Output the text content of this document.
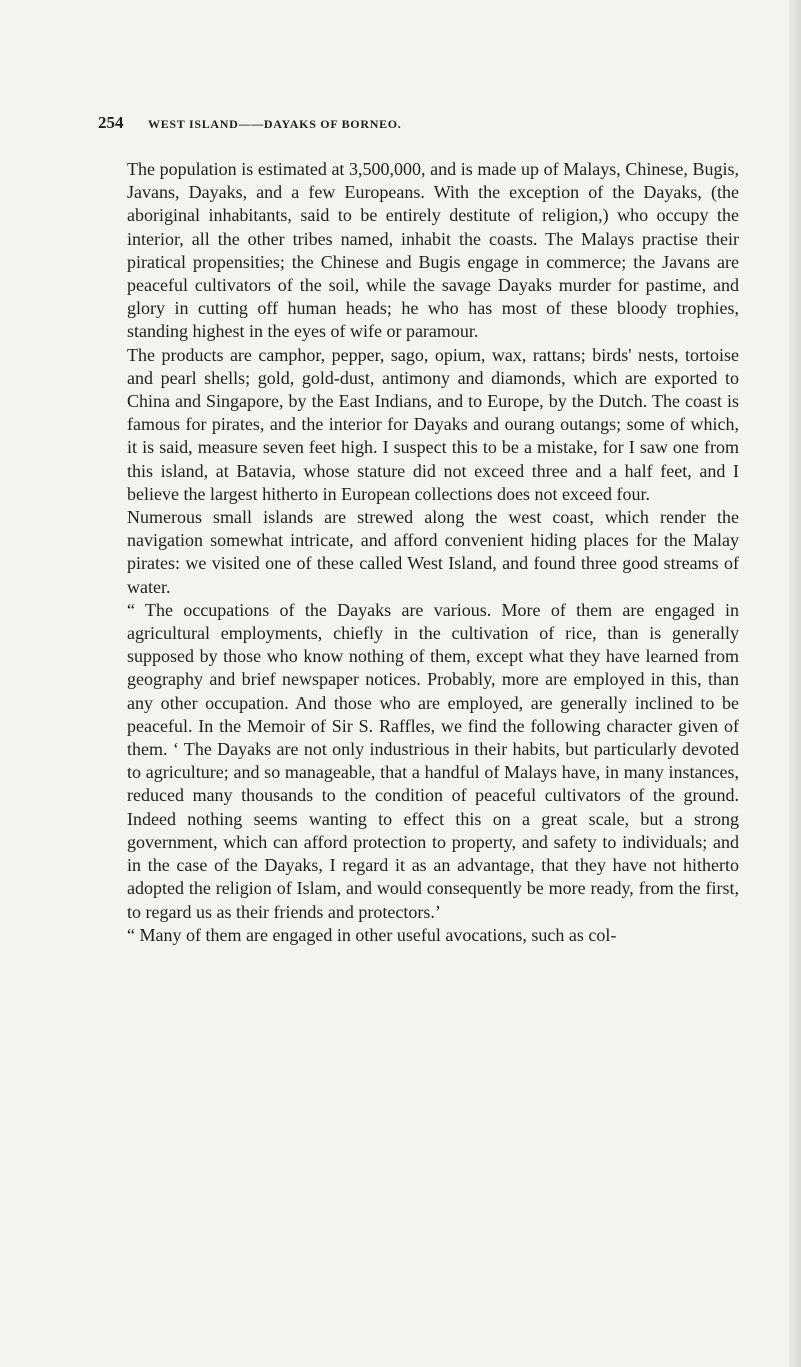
254 WEST ISLAND——DAYAKS OF BORNEO.

The population is estimated at 3,500,000, and is made up of Malays, Chinese, Bugis, Javans, Dayaks, and a few Europeans. With the exception of the Dayaks, (the aboriginal inhabitants, said to be entirely destitute of religion,) who occupy the interior, all the other tribes named, inhabit the coasts. The Malays practise their piratical propensities; the Chinese and Bugis engage in commerce; the Javans are peaceful cultivators of the soil, while the savage Dayaks murder for pastime, and glory in cutting off human heads; he who has most of these bloody trophies, standing highest in the eyes of wife or paramour.

The products are camphor, pepper, sago, opium, wax, rattans; birds' nests, tortoise and pearl shells; gold, gold-dust, antimony and diamonds, which are exported to China and Singapore, by the East Indians, and to Europe, by the Dutch. The coast is famous for pirates, and the interior for Dayaks and ourang outangs; some of which, it is said, measure seven feet high. I suspect this to be a mistake, for I saw one from this island, at Batavia, whose stature did not exceed three and a half feet, and I believe the largest hitherto in European collections does not exceed four.

Numerous small islands are strewed along the west coast, which render the navigation somewhat intricate, and afford convenient hiding places for the Malay pirates: we visited one of these called West Island, and found three good streams of water.

“ The occupations of the Dayaks are various. More of them are engaged in agricultural employments, chiefly in the cultivation of rice, than is generally supposed by those who know nothing of them, except what they have learned from geography and brief newspaper notices. Probably, more are employed in this, than any other occupation. And those who are employed, are generally inclined to be peaceful. In the Memoir of Sir S. Raffles, we find the following character given of them. ‘ The Dayaks are not only industrious in their habits, but particularly devoted to agriculture; and so manageable, that a handful of Malays have, in many instances, reduced many thousands to the condition of peaceful cultivators of the ground. Indeed nothing seems wanting to effect this on a great scale, but a strong government, which can afford protection to property, and safety to individuals; and in the case of the Dayaks, I regard it as an advantage, that they have not hitherto adopted the religion of Islam, and would consequently be more ready, from the first, to regard us as their friends and protectors.’

“ Many of them are engaged in other useful avocations, such as col-
